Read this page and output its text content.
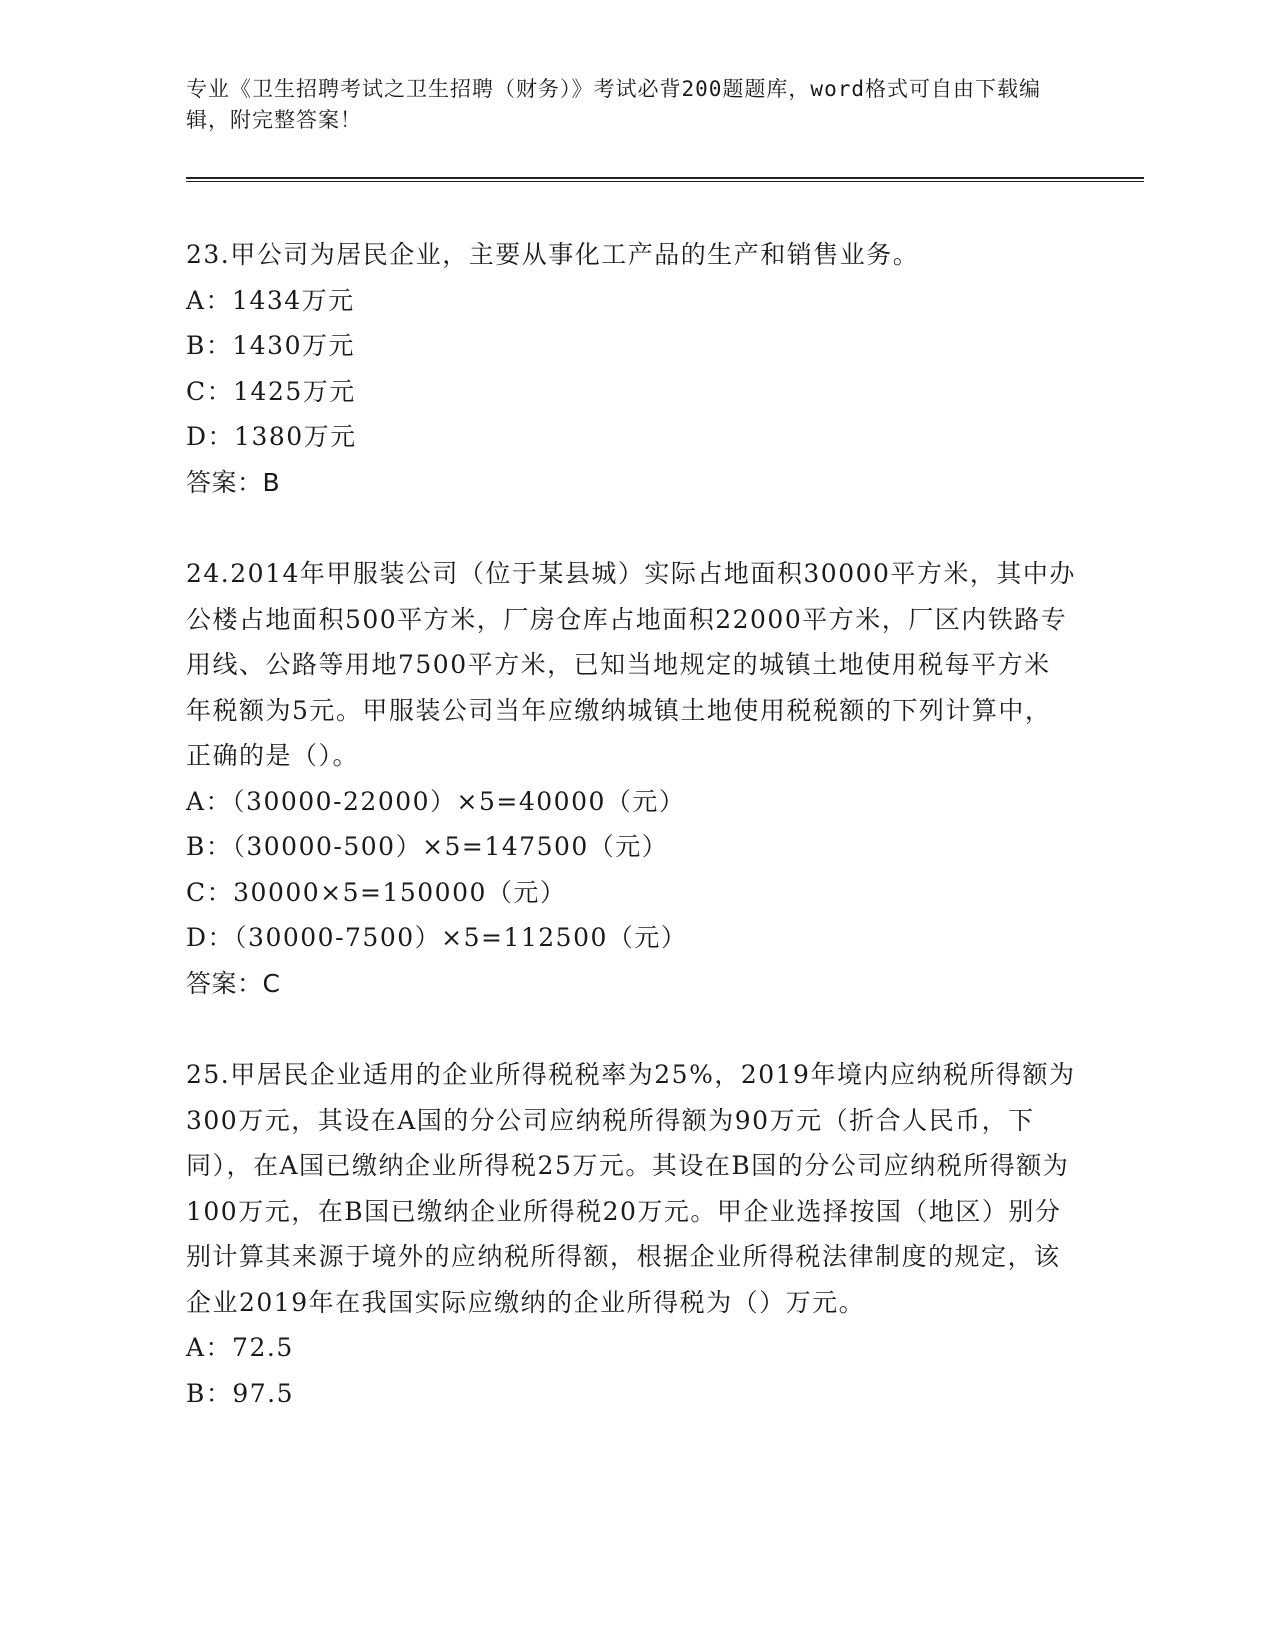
专业《卫生招聘考试之卫生招聘（财务）》考试必背200题题库，word格式可自由下载编辑，附完整答案！

23.甲公司为居民企业，主要从事化工产品的生产和销售业务。

A：1434万元
B：1430万元
C：1425万元
D：1380万元
答案：B

24.2014年甲服装公司（位于某县城）实际占地面积30000平方米，其中办公楼占地面积500平方米，厂房仓库占地面积22000平方米，厂区内铁路专用线、公路等用地7500平方米，已知当地规定的城镇土地使用税每平方米年税额为5元。甲服装公司当年应缴纳城镇土地使用税税额的下列计算中，正确的是（）。

A：（30000-22000）×5=40000（元）
B：（30000-500）×5=147500（元）
C：30000×5=150000（元）
D：（30000-7500）×5=112500（元）
答案：C

25.甲居民企业适用的企业所得税税率为25%，2019年境内应纳税所得额为300万元，其设在A国的分公司应纳税所得额为90万元（折合人民币，下同），在A国已缴纳企业所得税25万元。其设在B国的分公司应纳税所得额为100万元，在B国已缴纳企业所得税20万元。甲企业选择按国（地区）别分别计算其来源于境外的应纳税所得额，根据企业所得税法律制度的规定，该企业2019年在我国实际应缴纳的企业所得税为（）万元。

A：72.5
B：97.5
